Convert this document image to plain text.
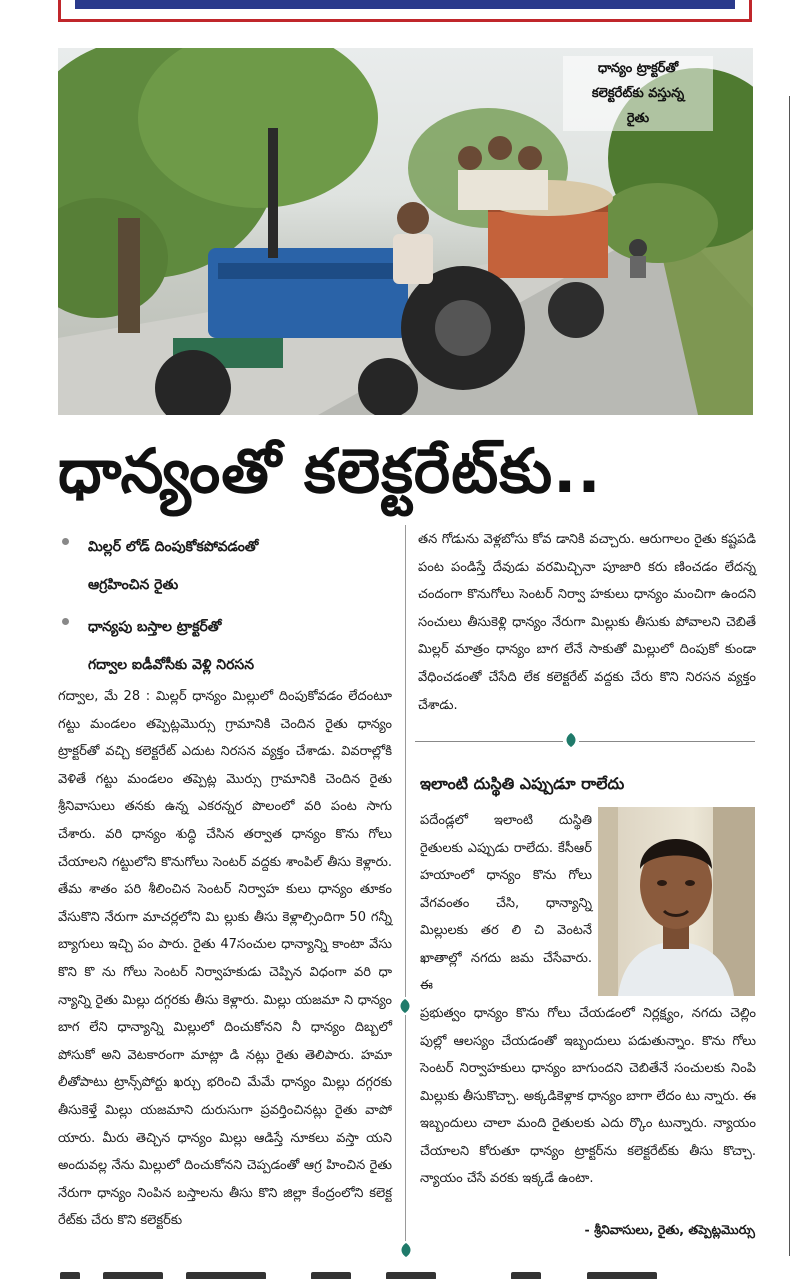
ధాన్యం ట్రాక్టర్‌తో
కలెక్టరేట్‌కు వస్తున్న
రైతు
ధాన్యంతో కలెక్టరేట్‌కు..

మిల్లర్‌ లోడ్‌ దింపుకోకపోవడంతో

ఆగ్రహించిన రైతు

ధాన్యపు బస్తాల ట్రాక్టర్‌తో

గద్వాల ఐడీవోసీకు వెళ్లి నిరసన

గద్వాల, మే 28 : మిల్లర్‌ ధాన్యం మిల్లులో దింపుకోవడం లేదంటూ గట్టు మండలం తప్పెట్లమొర్సు గ్రామానికి చెందిన రైతు ధాన్యం ట్రాక్టర్‌తో వచ్చి కలెక్టరేట్‌ ఎదుట నిరసన వ్యక్తం చేశాడు. వివరాల్లోకి వెళితే గట్టు మండలం తప్పెట్ల మొర్సు గ్రామానికి చెందిన రైతు శ్రీనివాసులు తనకు ఉన్న ఎకరన్నర పొలంలో వరి పంట సాగు చేశారు. వరి ధాన్యం శుద్ధి చేసిన తర్వాత ధాన్యం కొను గోలు చేయాలని గట్టులోని కొనుగోలు సెంటర్‌ వద్దకు శాంపిల్‌ తీసు కెళ్లారు. తేమ శాతం పరి శీలించిన సెంటర్‌ నిర్వాహ కులు ధాన్యం తూకం వేసుకొని నేరుగా మాచర్లలోని మి ల్లుకు తీసు కెళ్లాల్సిందిగా 50 గన్నీ బ్యాగులు ఇచ్చి పం పారు. రైతు 47సంచుల ధాన్యాన్ని కాంటా వేసు కొని కొ ను గోలు సెంటర్‌ నిర్వాహకుడు చెప్పిన విధంగా వరి ధా న్యాన్ని రైతు మిల్లు దగ్గరకు తీసు కెళ్లారు. మిల్లు యజమా ని ధాన్యం బాగ లేని ధాన్యాన్ని మిల్లులో దించుకోనని నీ ధాన్యం దిబ్బలో పోసుకో అని వెటకారంగా మాట్లా డి నట్లు రైతు తెలిపారు. హమా లీతోపాటు ట్రాన్స్‌పోర్టు ఖర్చు భరించి మేమే ధాన్యం మిల్లు దగ్గరకు తీసుకెళ్తే మిల్లు యజమాని దురుసుగా ప్రవర్తించినట్లు రైతు వాపో యారు. మీరు తెచ్చిన ధాన్యం మిల్లు ఆడిస్తే నూకలు వస్తా యని అందువల్ల నేను మిల్లులో దించుకోనని చెప్పడంతో ఆగ్ర హించిన రైతు నేరుగా ధాన్యం నింపిన బస్తాలను తీసు కొని జిల్లా కేంద్రంలోని కలెక్ట రేట్‌కు చేరు కొని కలెక్టర్‌కు

తన గోడును వెళ్లబోసు కోవ డానికి వచ్చారు. ఆరుగాలం రైతు కష్టపడి పంట పండిస్తే దేవుడు వరమిచ్చినా పూజారి కరు ణించడం లేదన్న చందంగా కొనుగోలు సెంటర్‌ నిర్వా హకులు ధాన్యం మంచిగా ఉందని సంచులు తీసుకెళ్లి ధాన్యం నేరుగా మిల్లుకు తీసుకు పోవాలని చెబితే మిల్లర్‌ మాత్రం ధాన్యం బాగ లేనే సాకుతో మిల్లులో దింపుకో కుండా వేధించడంతో చేసేది లేక కలెక్టరేట్‌ వద్దకు చేరు కొని నిరసన వ్యక్తం చేశాడు.

ఇలాంటి దుస్థితి ఎప్పుడూ రాలేదు

పదేండ్లలో ఇలాంటి దుస్థితి రైతులకు ఎప్పుడు రాలేదు. కేసీఆర్‌ హయాంలో ధాన్యం కొను గోలు వేగవంతం చేసి, ధాన్యాన్ని మిల్లులకు తర లి చి వెంటనే ఖాతాల్లో నగదు జమ చేసేవారు. ఈ

ప్రభుత్వం ధాన్యం కొను గోలు చేయడంలో నిర్లక్ష్యం, నగదు చెల్లిం పుల్లో ఆలస్యం చేయడంతో ఇబ్బందులు పడుతున్నాం. కొను గోలు సెంటర్‌ నిర్వాహకులు ధాన్యం బాగుందని చెబితేనే సంచులకు నింపి మిల్లుకు తీసుకొచ్చా. అక్కడికెళ్లాక ధాన్యం బాగా లేదం టు న్నారు. ఈ ఇబ్బందులు చాలా మంది రైతులకు ఎదు ర్కొం టున్నారు. న్యాయం చేయాలని కోరుతూ ధాన్యం ట్రాక్టర్‌ను కలెక్టరేట్‌కు తీసు కొచ్చా. న్యాయం చేసే వరకు ఇక్కడే ఉంటా.

- శ్రీనివాసులు, రైతు, తప్పెట్లమొర్సు
